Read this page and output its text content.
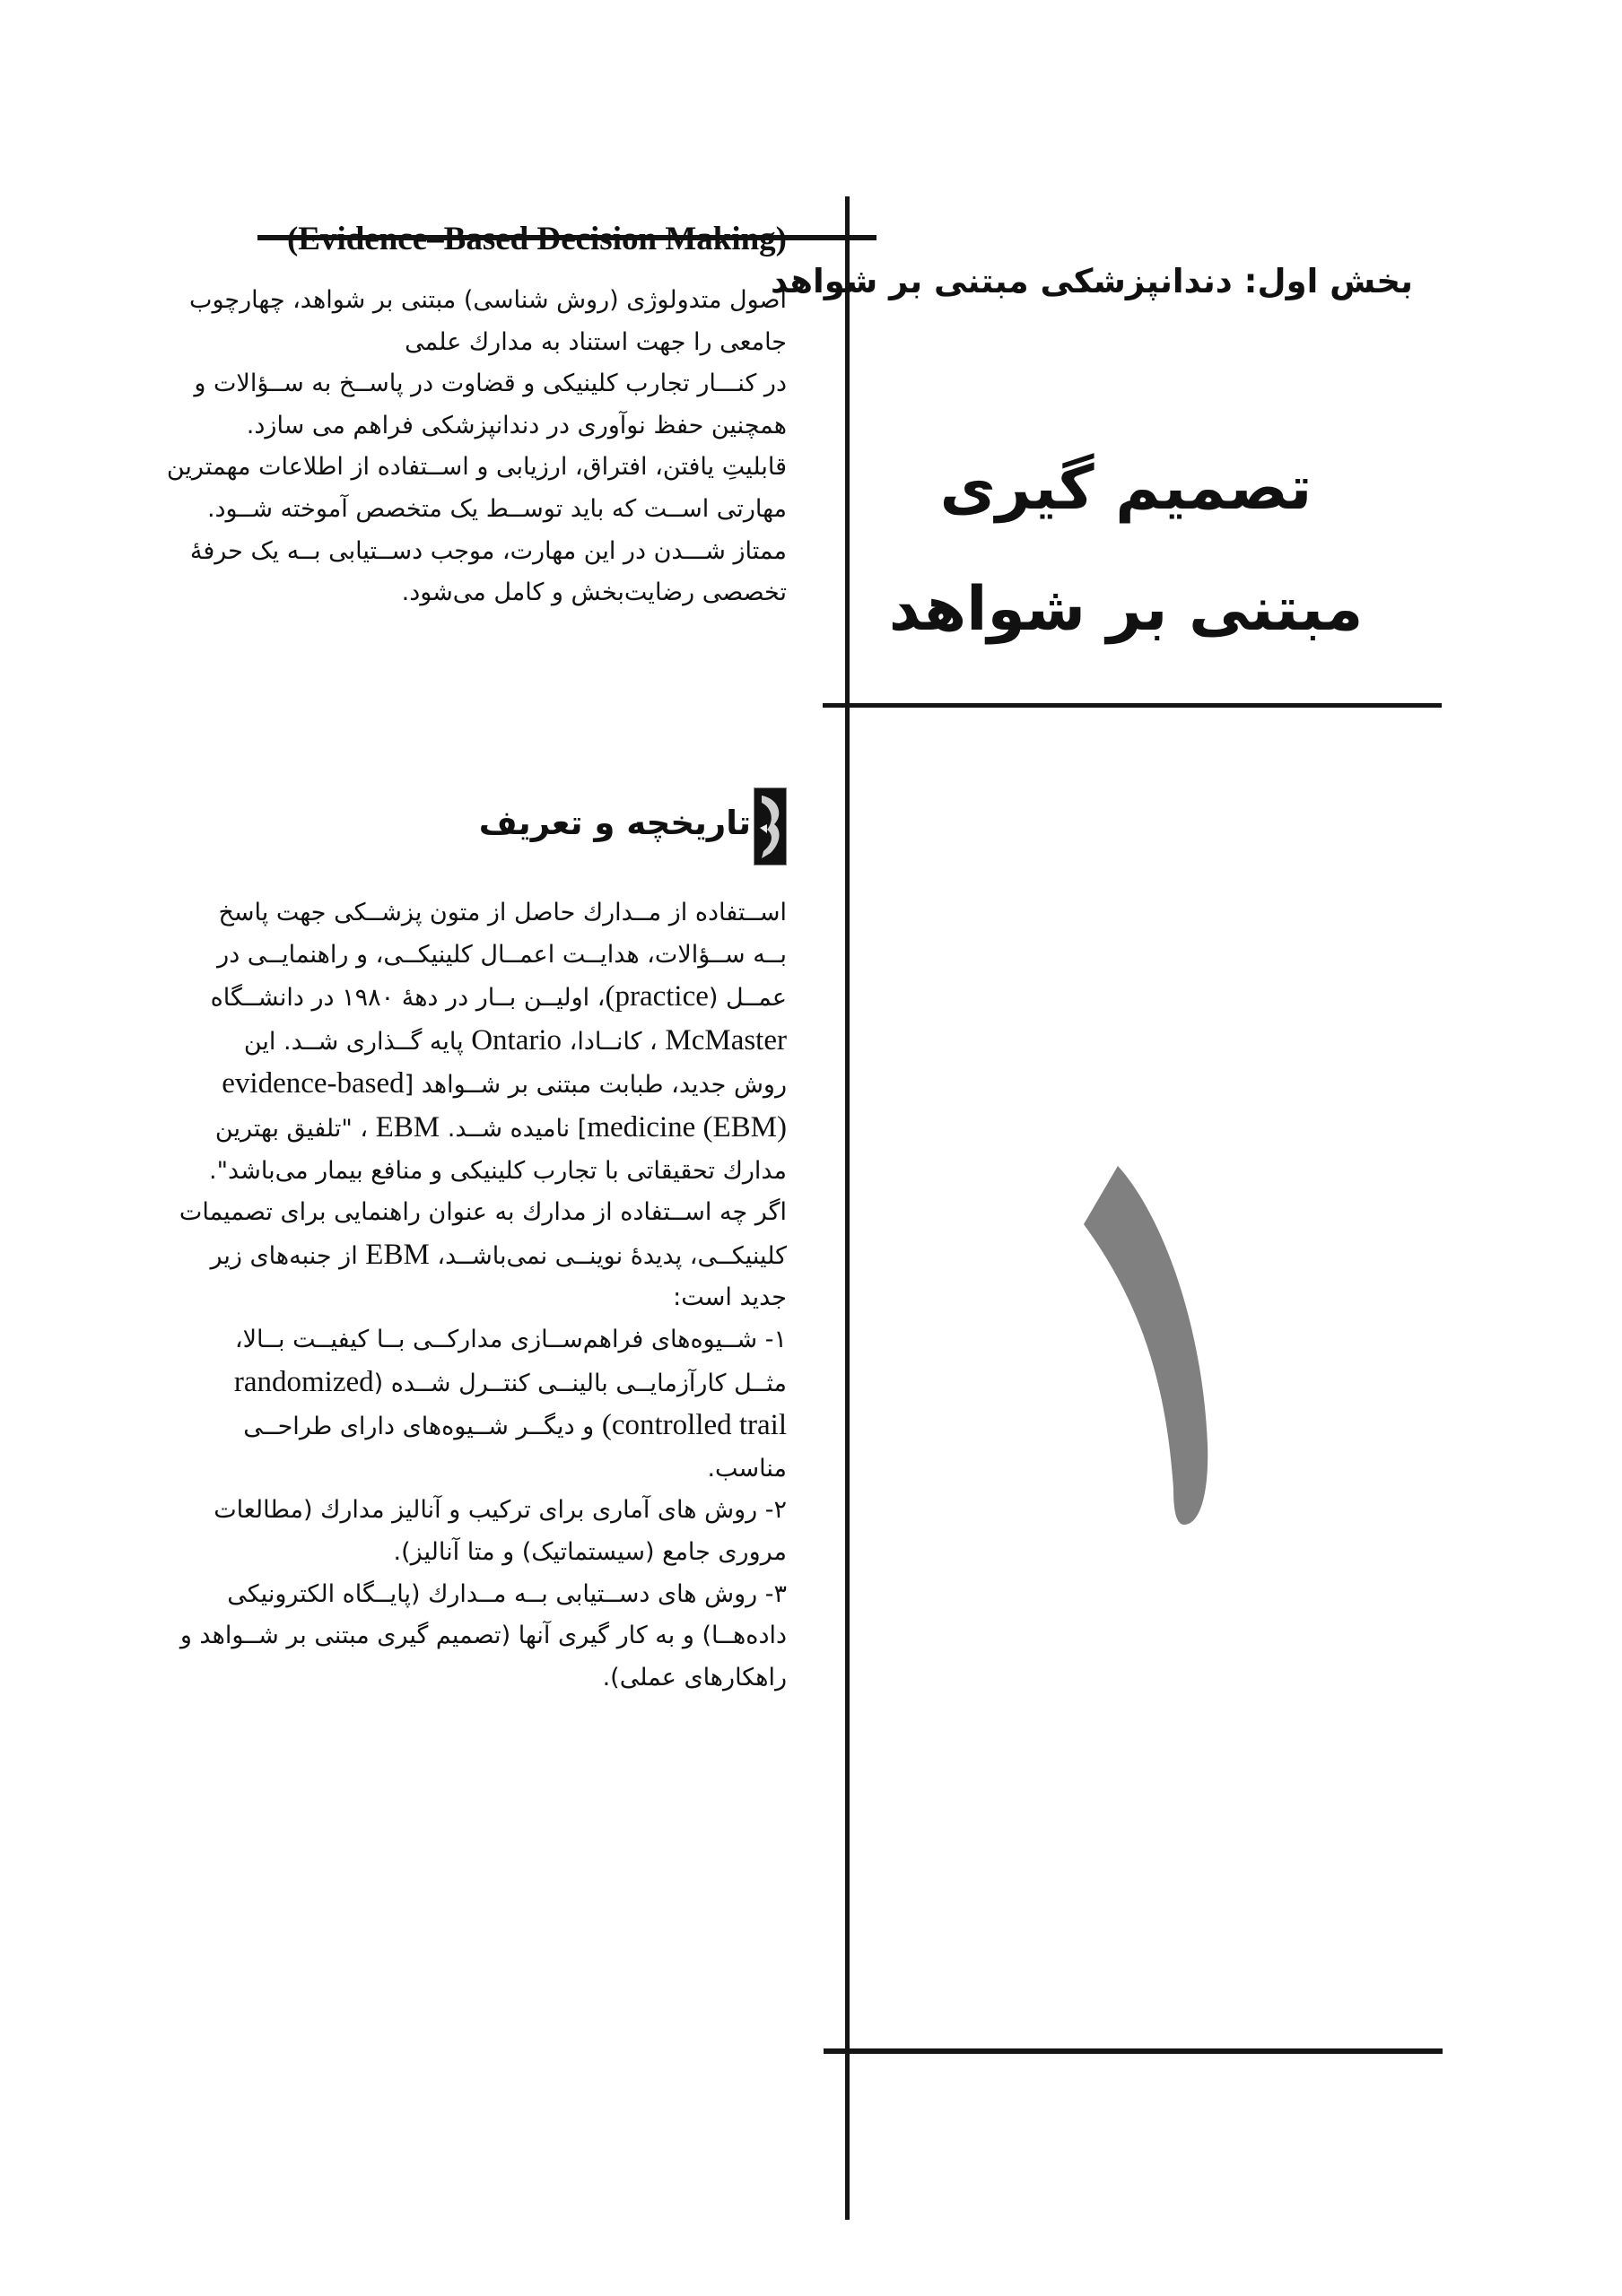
بخش اول: دندانپزشکی مبتنی بر شواهد
تصمیم گیری
مبتنی بر شواهد
(Evidence–Based Decision Making)
اصول متدولوژی (روش شناسی) مبتنی بر شواهد، چهارچوب
جامعی را جهت استناد به مدارك علمی
در کنـــار تجارب کلینیکی و قضاوت در پاســخ به ســؤالات و
همچنین حفظ نوآوری در دندانپزشکی فراهم می سازد.
قابلیتِ یافتن، افتراق، ارزیابی و اســتفاده از اطلاعات مهمترین
مهارتی اســت که باید توســط یک متخصص آموخته شــود.
ممتاز شـــدن در این مهارت، موجب دســتیابی بــه یک حرفۀ
تخصصی رضایت‌بخش و کامل می‌شود.
تاریخچه و تعریف
اســتفاده از مــدارك حاصل از متون پزشــکی جهت پاسخ
بــه ســؤالات، هدایــت اعمــال کلینیکــی، و راهنمایــی در
عمــل (practice)، اولیــن بــار در دهۀ ۱۹۸۰ در دانشــگاه
McMaster ، کانــادا، Ontario پایه گــذاری شــد. این
روش جدید، طبابت مبتنی بر شــواهد [evidence-based
medicine (EBM)] نامیده شــد. EBM ، "تلفیق بهترین
مدارك تحقیقاتی با تجارب کلینیکی و منافع بیمار می‌باشد".
اگر چه اســتفاده از مدارك به عنوان راهنمایی برای تصمیمات
کلینیکــی، پدیدۀ نوینــی نمی‌باشــد، EBM از جنبه‌های زیر
جدید است:
۱- شــیوه‌های فراهم‌ســازی مدارکــی بــا کیفیــت بــالا،
مثــل کارآزمایــی بالینــی کنتــرل شــده (randomized
controlled trail) و دیگــر شــیوه‌های دارای طراحــی
مناسب.
۲- روش های آماری برای ترکیب و آنالیز مدارك (مطالعات
مروری جامع (سیستماتیک) و متا آنالیز).
۳- روش های دســتیابی بــه مــدارك (پایــگاه الکترونیکی
داده‌هــا) و به کار گیری آنها (تصمیم گیری مبتنی بر شــواهد و
راهکارهای عملی).
